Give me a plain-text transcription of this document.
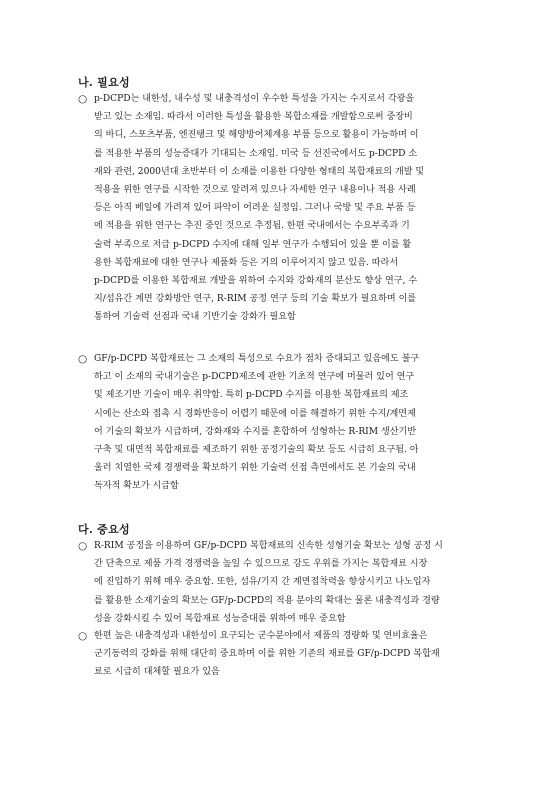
나. 필요성
○ p-DCPD는 내한성, 내수성 및 내충격성이 우수한 특성을 가지는 수지로서 각광을
받고 있는 소재임. 따라서 이러한 특성을 활용한 복합소재를 개발함으로써 중장비
의 바디, 스포츠부품, 엔진탱크 및 해양방어체계용 부품 등으로 활용이 가능하며 이
를 적용한 부품의 성능증대가 기대되는 소재임. 미국 등 선진국에서도 p-DCPD 소
재와 관련, 2000년대 초반부터 이 소재를 이용한 다양한 형태의 복합재료의 개발 및
적용을 위한 연구를 시작한 것으로 알려져 있으나 자세한 연구 내용이나 적용 사례
등은 아직 베일에 가려져 있어 파악이 어려운 실정임. 그러나 국방 및 주요 부품 등
에 적용을 위한 연구는 추진 중인 것으로 추정됨. 한편 국내에서는 수요부족과 기
술력 부족으로 저급 p-DCPD 수지에 대해 일부 연구가 수행되어 있을 뿐 이를 활
용한 복합재료에 대한 연구나 제품화 등은 거의 이루어지지 않고 있음. 따라서
p-DCPD를 이용한 복합재료 개발을 위하여 수지와 강화재의 분산도 향상 연구, 수
지/섬유간 계면 강화방안 연구, R-RIM 공정 연구 등의 기술 확보가 필요하며 이를
통하여 기술력 선점과 국내 기반기술 강화가 필요함
○ GF/p-DCPD 복합재료는 그 소재의 특성으로 수요가 점차 증대되고 있음에도 불구
하고 이 소재의 국내기술은 p-DCPD제조에 관한 기초적 연구에 머물러 있어 연구
및 제조기반 기술이 매우 취약함. 특히 p-DCPD 수지를 이용한 복합재료의 제조
시에는 산소와 접촉 시 경화반응이 어렵기 때문에 이를 해결하기 위한 수지/계면제
어 기술의 확보가 시급하며, 강화재와 수지를 혼합하여 성형하는 R-RIM 생산기반
구축 및 대면적 복합재료를 제조하기 위한 공정기술의 확보 등도 시급히 요구됨. 아
울러 치열한 국제 경쟁력을 확보하기 위한 기술력 선점 측면에서도 본 기술의 국내
독자적 확보가 시급함
다. 중요성
○ R-RIM 공정을 이용하여 GF/p-DCPD 복합재료의 신속한 성형기술 확보는 성형 공정 시
간 단축으로 제품 가격 경쟁력을 높일 수 있으므로 강도 우위를 가지는 복합재료 시장
에 진입하기 위해 매우 중요함. 또한, 섬유/기지 간 계면접착력을 향상시키고 나노입자
를 활용한 소재기술의 확보는 GF/p-DCPD의 적용 분야의 확대는 물론 내충격성과 경량
성을 강화시킬 수 있어 복합재료 성능증대를 위하여 매우 중요함
○ 한편 높은 내충격성과 내한성이 요구되는 군수분야에서 제품의 경량화 및 연비효율은
군기동력의 강화를 위해 대단히 중요하며 이를 위한 기존의 재료를 GF/p-DCPD 복합재
료로 시급히 대체할 필요가 있음
